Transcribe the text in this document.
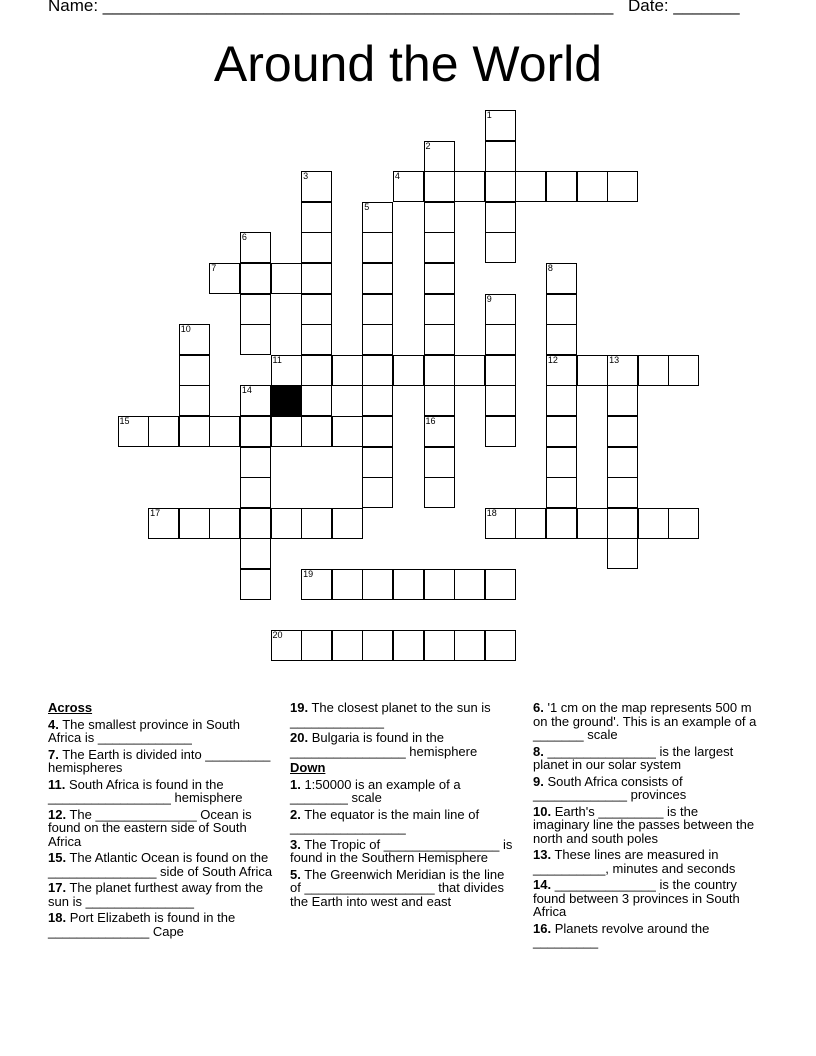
Name: ______________________________________________________ Date: _______
Around the World
1
2
3	4
5
6
7	8
12
9
10
11	13
14
15	16
17	18
19
20
Across
4. The smallest province in South Africa is _____________
7. The Earth is divided into _________ hemispheres
11. South Africa is found in the _________________ hemisphere
12. The ______________ Ocean is found on the eastern side of South Africa
15. The Atlantic Ocean is found on the _______________ side of South Africa
17. The planet furthest away from the sun is _______________
18. Port Elizabeth is found in the ______________ Cape
19. The closest planet to the sun is _____________
20. Bulgaria is found in the ________________ hemisphere
Down
1. 1:50000 is an example of a ________ scale
2. The equator is the main line of ________________
3. The Tropic of ________________ is found in the Southern Hemisphere
5. The Greenwich Meridian is the line of __________________ that divides the Earth into west and east
6. '1 cm on the map represents 500 m on the ground'. This is an example of a _______ scale
8. _______________ is the largest planet in our solar system
9. South Africa consists of _____________ provinces
10. Earth's _________ is the imaginary line the passes between the north and south poles
13. These lines are measured in __________, minutes and seconds
14. ______________ is the country found between 3 provinces in South Africa
16. Planets revolve around the _________
